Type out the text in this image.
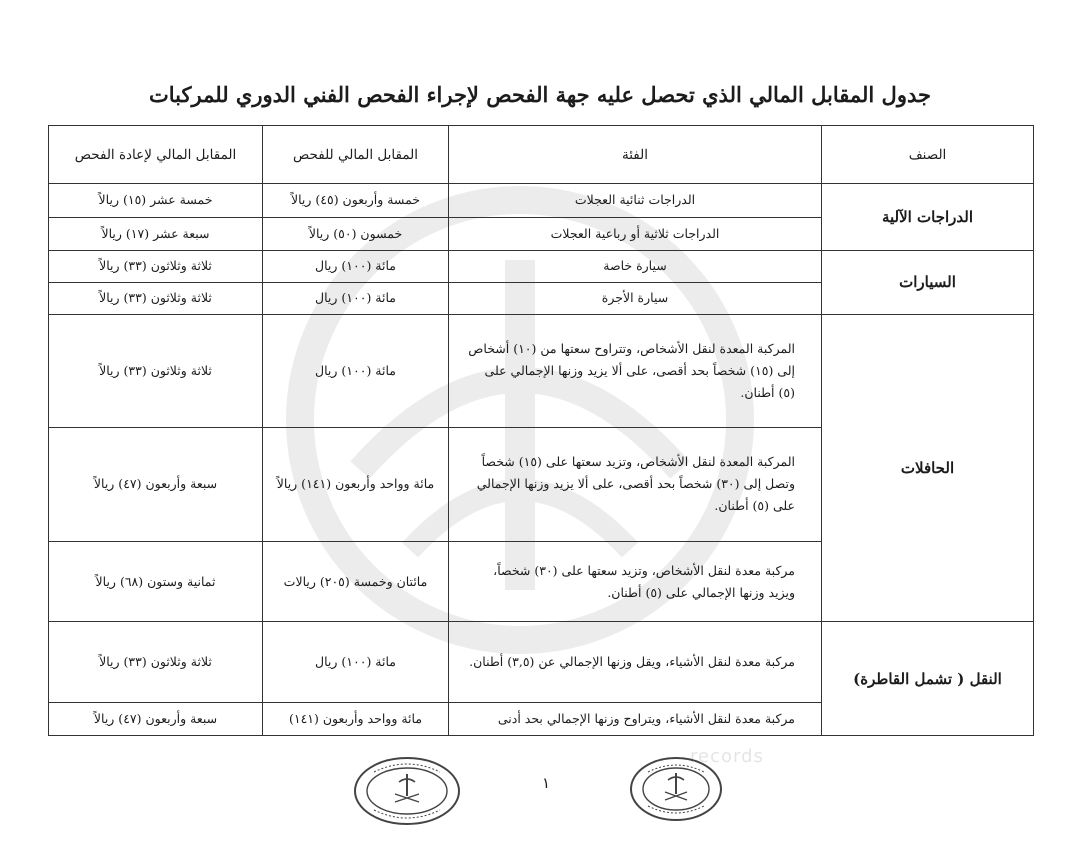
records
جدول المقابل المالي الذي تحصل عليه جهة الفحص لإجراء الفحص الفني الدوري للمركبات
الصنف	الفئة	المقابل المالي للفحص	المقابل المالي لإعادة الفحص
الدراجات الآلية	الدراجات ثنائية العجلات	خمسة وأربعون (٤٥) ريالاً	خمسة عشر (١٥) ريالاً
	الدراجات ثلاثية أو رباعية العجلات	خمسون (٥٠) ريالاً	سبعة عشر (١٧) ريالاً
السيارات	سيارة خاصة	مائة (١٠٠) ريال	ثلاثة وثلاثون (٣٣) ريالاً
	سيارة الأجرة	مائة (١٠٠) ريال	ثلاثة وثلاثون (٣٣) ريالاً
الحافلات	المركبة المعدة لنقل الأشخاص، وتتراوح سعتها من (١٠) أشخاص إلى (١٥) شخصاً بحد أقصى، على ألا يزيد وزنها الإجمالي على (٥) أطنان.	مائة (١٠٠) ريال	ثلاثة وثلاثون (٣٣) ريالاً
	المركبة المعدة لنقل الأشخاص، وتزيد سعتها على (١٥) شخصاً وتصل إلى (٣٠) شخصاً بحد أقصى، على ألا يزيد وزنها الإجمالي على (٥) أطنان.	مائة وواحد وأربعون (١٤١) ريالاً	سبعة وأربعون (٤٧) ريالاً
	مركبة معدة لنقل الأشخاص، وتزيد سعتها على (٣٠) شخصاً، ويزيد وزنها الإجمالي على (٥) أطنان.	مائتان وخمسة (٢٠٥) ريالات	ثمانية وستون (٦٨) ريالاً
النقل ( تشمل القاطرة)	مركبة معدة لنقل الأشياء، ويقل وزنها الإجمالي عن (٣,٥) أطنان.	مائة (١٠٠) ريال	ثلاثة وثلاثون (٣٣) ريالاً
	مركبة معدة لنقل الأشياء، ويتراوح وزنها الإجمالي بحد أدنى	مائة وواحد وأربعون (١٤١)	سبعة وأربعون (٤٧) ريالاً
١
